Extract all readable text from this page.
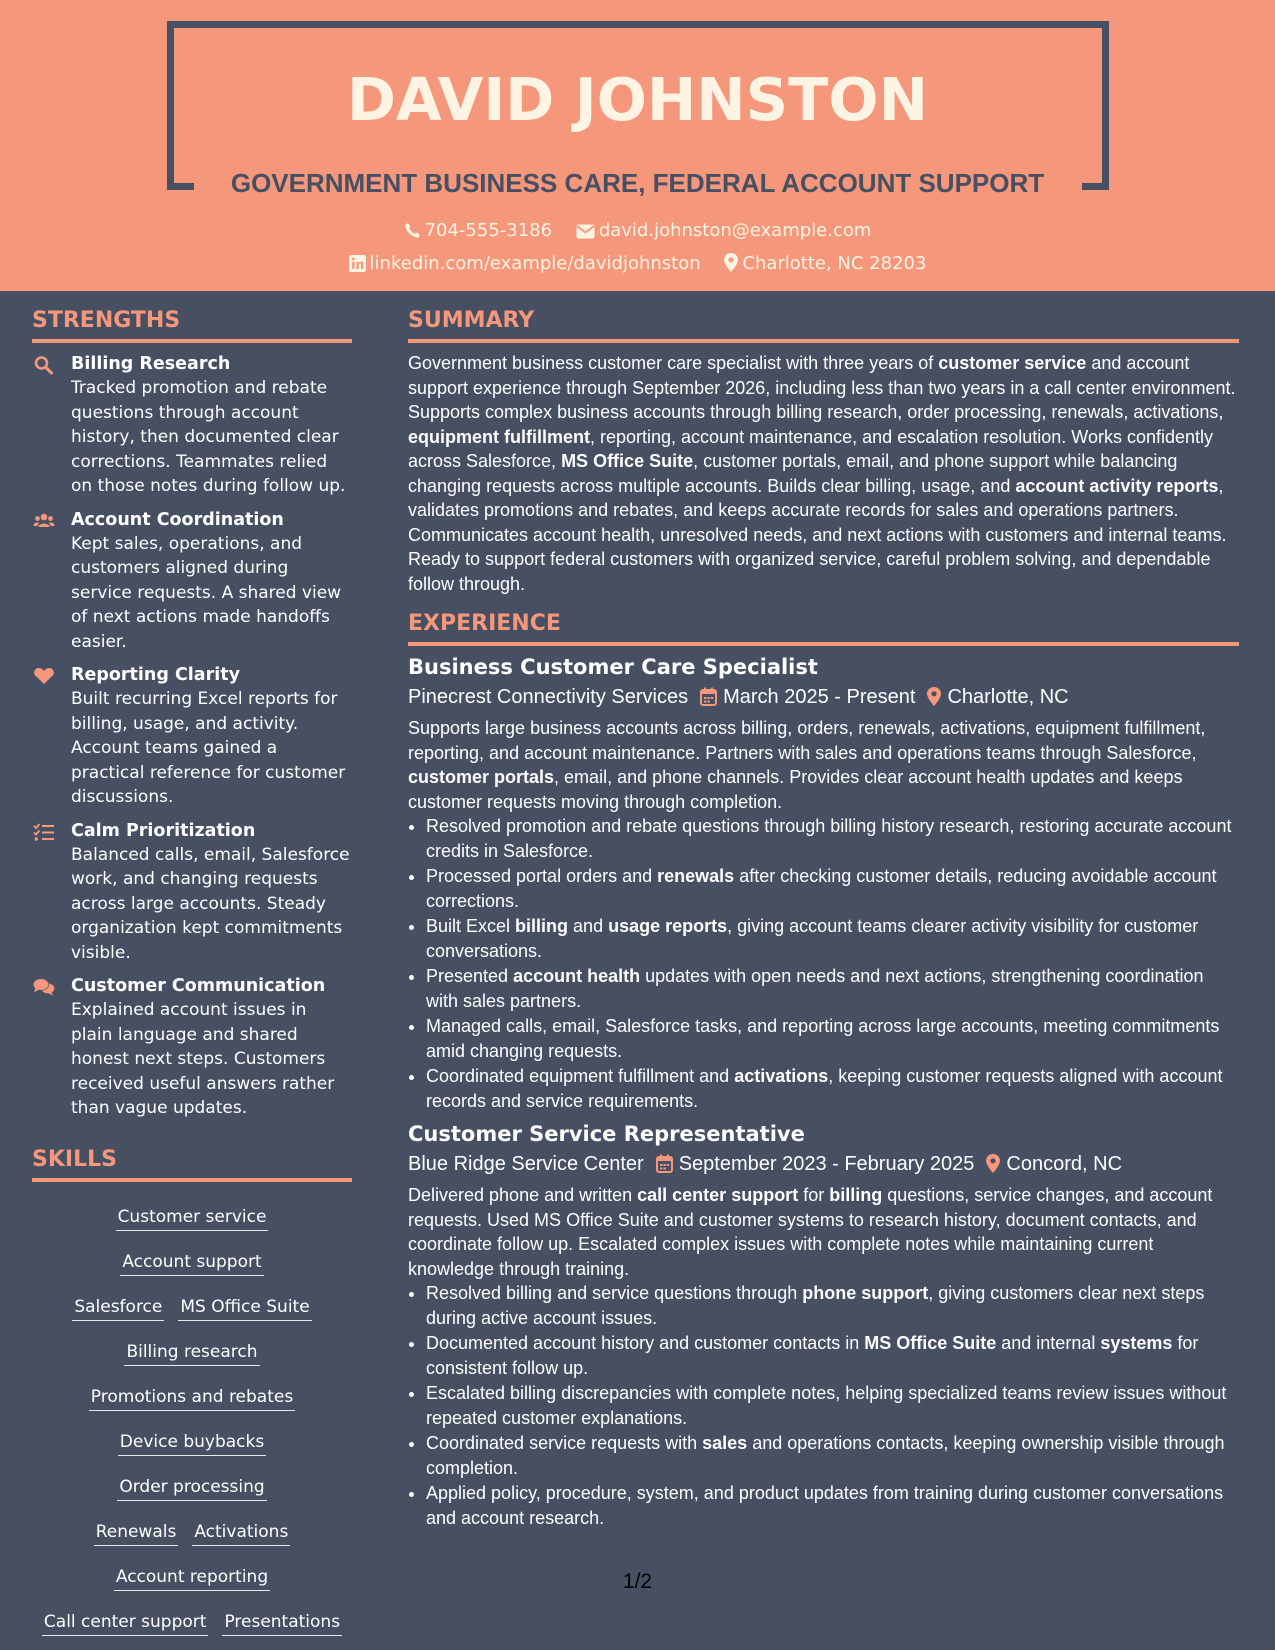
DAVID JOHNSTON
GOVERNMENT BUSINESS CARE, FEDERAL ACCOUNT SUPPORT
704-555-3186	david.johnston@example.com
linkedin.com/example/davidjohnston Charlotte, NC 28203
STRENGTHS
Billing Research
Tracked promotion and rebate questions through account history, then documented clear corrections. Teammates relied on those notes during follow up.
Account Coordination
Kept sales, operations, and customers aligned during service requests. A shared view of next actions made handoffs easier.
Reporting Clarity
Built recurring Excel reports for billing, usage, and activity. Account teams gained a practical reference for customer discussions.
Calm Prioritization
Balanced calls, email, Salesforce work, and changing requests across large accounts. Steady organization kept commitments visible.
Customer Communication
Explained account issues in plain language and shared honest next steps. Customers received useful answers rather than vague updates.
SKILLS
Customer serviceAccount support
Salesforce MS Office Suite
Billing research
Promotions and rebates
Device buybacksOrder processing
Renewals Activations
Account reporting
Call center support Presentations
SUMMARY
Government business customer care specialist with three years of customer service and account support experience through September 2026, including less than two years in a call center environment. Supports complex business accounts through billing research, order processing, renewals, activations, equipment fulfillment, reporting, account maintenance, and escalation resolution. Works confidently across Salesforce, MS Office Suite, customer portals, email, and phone support while balancing changing requests across multiple accounts. Builds clear billing, usage, and account activity reports, validates promotions and rebates, and keeps accurate records for sales and operations partners. Communicates account health, unresolved needs, and next actions with customers and internal teams. Ready to support federal customers with organized service, careful problem solving, and dependable follow through.
EXPERIENCE
Business Customer Care Specialist
Pinecrest Connectivity Services March 2025 - Present Charlotte, NC
Supports large business accounts across billing, orders, renewals, activations, equipment fulfillment, reporting, and account maintenance. Partners with sales and operations teams through Salesforce, customer portals, email, and phone channels. Provides clear account health updates and keeps customer requests moving through completion.
• Resolved promotion and rebate questions through billing history research, restoring accurate account credits in Salesforce.
• Processed portal orders and renewals after checking customer details, reducing avoidable account corrections.
• Built Excel billing and usage reports, giving account teams clearer activity visibility for customer conversations.
• Presented account health updates with open needs and next actions, strengthening coordination with sales partners.
• Managed calls, email, Salesforce tasks, and reporting across large accounts, meeting commitments amid changing requests.
• Coordinated equipment fulfillment and activations, keeping customer requests aligned with account records and service requirements.
Customer Service Representative
Blue Ridge Service Center September 2023 - February 2025 Concord, NC
Delivered phone and written call center support for billing questions, service changes, and account requests. Used MS Office Suite and customer systems to research history, document contacts, and coordinate follow up. Escalated complex issues with complete notes while maintaining current knowledge through training.
• Resolved billing and service questions through phone support, giving customers clear next steps during active account issues.
• Documented account history and customer contacts in MS Office Suite and internal systems for consistent follow up.
• Escalated billing discrepancies with complete notes, helping specialized teams review issues without repeated customer explanations.
• Coordinated service requests with sales and operations contacts, keeping ownership visible through completion.
• Applied policy, procedure, system, and product updates from training during customer conversations and account research.
1/2
